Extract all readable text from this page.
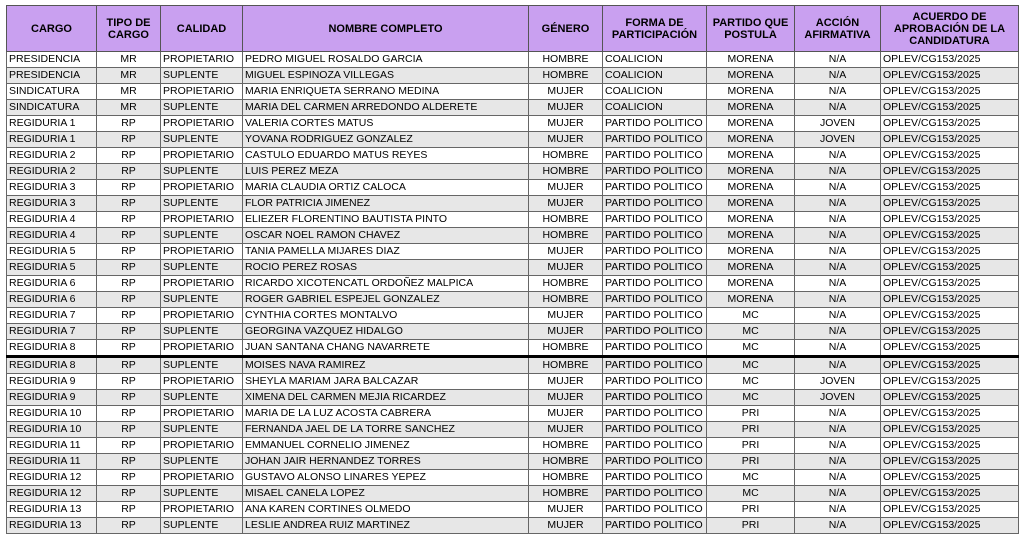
CARGO	TIPO DE CARGO	CALIDAD	NOMBRE COMPLETO	GÉNERO	FORMA DE PARTICIPACIÓN	PARTIDO QUE POSTULA	ACCIÓN AFIRMATIVA	ACUERDO DE APROBACIÓN DE LA CANDIDATURA
PRESIDENCIA	MR	PROPIETARIO	PEDRO MIGUEL ROSALDO GARCIA	HOMBRE	COALICION	MORENA	N/A	OPLEV/CG153/2025
PRESIDENCIA	MR	SUPLENTE	MIGUEL ESPINOZA VILLEGAS	HOMBRE	COALICION	MORENA	N/A	OPLEV/CG153/2025
SINDICATURA	MR	PROPIETARIO	MARIA ENRIQUETA SERRANO MEDINA	MUJER	COALICION	MORENA	N/A	OPLEV/CG153/2025
SINDICATURA	MR	SUPLENTE	MARIA DEL CARMEN ARREDONDO ALDERETE	MUJER	COALICION	MORENA	N/A	OPLEV/CG153/2025
REGIDURIA 1	RP	PROPIETARIO	VALERIA CORTES MATUS	MUJER	PARTIDO POLITICO	MORENA	JOVEN	OPLEV/CG153/2025
REGIDURIA 1	RP	SUPLENTE	YOVANA RODRIGUEZ GONZALEZ	MUJER	PARTIDO POLITICO	MORENA	JOVEN	OPLEV/CG153/2025
REGIDURIA 2	RP	PROPIETARIO	CASTULO EDUARDO MATUS REYES	HOMBRE	PARTIDO POLITICO	MORENA	N/A	OPLEV/CG153/2025
REGIDURIA 2	RP	SUPLENTE	LUIS PEREZ MEZA	HOMBRE	PARTIDO POLITICO	MORENA	N/A	OPLEV/CG153/2025
REGIDURIA 3	RP	PROPIETARIO	MARIA CLAUDIA ORTIZ CALOCA	MUJER	PARTIDO POLITICO	MORENA	N/A	OPLEV/CG153/2025
REGIDURIA 3	RP	SUPLENTE	FLOR PATRICIA JIMENEZ	MUJER	PARTIDO POLITICO	MORENA	N/A	OPLEV/CG153/2025
REGIDURIA 4	RP	PROPIETARIO	ELIEZER FLORENTINO BAUTISTA PINTO	HOMBRE	PARTIDO POLITICO	MORENA	N/A	OPLEV/CG153/2025
REGIDURIA 4	RP	SUPLENTE	OSCAR NOEL RAMON CHAVEZ	HOMBRE	PARTIDO POLITICO	MORENA	N/A	OPLEV/CG153/2025
REGIDURIA 5	RP	PROPIETARIO	TANIA PAMELLA MIJARES DIAZ	MUJER	PARTIDO POLITICO	MORENA	N/A	OPLEV/CG153/2025
REGIDURIA 5	RP	SUPLENTE	ROCIO PEREZ ROSAS	MUJER	PARTIDO POLITICO	MORENA	N/A	OPLEV/CG153/2025
REGIDURIA 6	RP	PROPIETARIO	RICARDO XICOTENCATL ORDOÑEZ MALPICA	HOMBRE	PARTIDO POLITICO	MORENA	N/A	OPLEV/CG153/2025
REGIDURIA 6	RP	SUPLENTE	ROGER GABRIEL ESPEJEL GONZALEZ	HOMBRE	PARTIDO POLITICO	MORENA	N/A	OPLEV/CG153/2025
REGIDURIA 7	RP	PROPIETARIO	CYNTHIA CORTES MONTALVO	MUJER	PARTIDO POLITICO	MC	N/A	OPLEV/CG153/2025
REGIDURIA 7	RP	SUPLENTE	GEORGINA VAZQUEZ HIDALGO	MUJER	PARTIDO POLITICO	MC	N/A	OPLEV/CG153/2025
REGIDURIA 8	RP	PROPIETARIO	JUAN SANTANA CHANG NAVARRETE	HOMBRE	PARTIDO POLITICO	MC	N/A	OPLEV/CG153/2025
REGIDURIA 8	RP	SUPLENTE	MOISES NAVA RAMIREZ	HOMBRE	PARTIDO POLITICO	MC	N/A	OPLEV/CG153/2025
REGIDURIA 9	RP	PROPIETARIO	SHEYLA MARIAM JARA BALCAZAR	MUJER	PARTIDO POLITICO	MC	JOVEN	OPLEV/CG153/2025
REGIDURIA 9	RP	SUPLENTE	XIMENA DEL CARMEN MEJIA RICARDEZ	MUJER	PARTIDO POLITICO	MC	JOVEN	OPLEV/CG153/2025
REGIDURIA 10	RP	PROPIETARIO	MARIA DE LA LUZ ACOSTA CABRERA	MUJER	PARTIDO POLITICO	PRI	N/A	OPLEV/CG153/2025
REGIDURIA 10	RP	SUPLENTE	FERNANDA JAEL DE LA TORRE SANCHEZ	MUJER	PARTIDO POLITICO	PRI	N/A	OPLEV/CG153/2025
REGIDURIA 11	RP	PROPIETARIO	EMMANUEL CORNELIO JIMENEZ	HOMBRE	PARTIDO POLITICO	PRI	N/A	OPLEV/CG153/2025
REGIDURIA 11	RP	SUPLENTE	JOHAN JAIR HERNANDEZ TORRES	HOMBRE	PARTIDO POLITICO	PRI	N/A	OPLEV/CG153/2025
REGIDURIA 12	RP	PROPIETARIO	GUSTAVO ALONSO LINARES YEPEZ	HOMBRE	PARTIDO POLITICO	MC	N/A	OPLEV/CG153/2025
REGIDURIA 12	RP	SUPLENTE	MISAEL CANELA LOPEZ	HOMBRE	PARTIDO POLITICO	MC	N/A	OPLEV/CG153/2025
REGIDURIA 13	RP	PROPIETARIO	ANA KAREN CORTINES OLMEDO	MUJER	PARTIDO POLITICO	PRI	N/A	OPLEV/CG153/2025
REGIDURIA 13	RP	SUPLENTE	LESLIE ANDREA RUIZ MARTINEZ	MUJER	PARTIDO POLITICO	PRI	N/A	OPLEV/CG153/2025
